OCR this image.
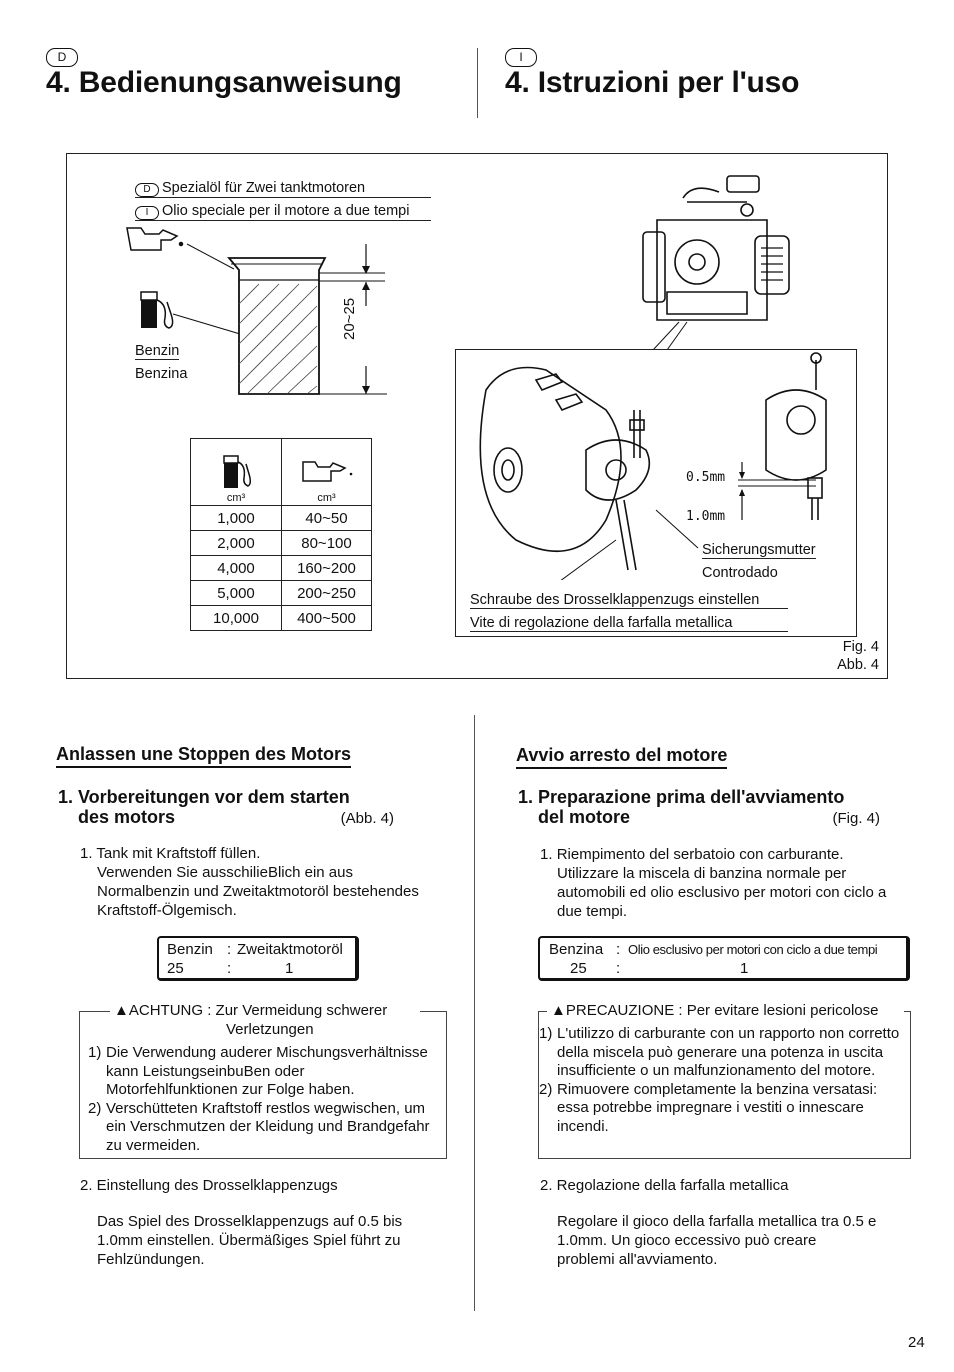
D
4. Bedienungsanweisung
I
4. Istruzioni per l'uso
D Spezialöl für Zwei tanktmotoren
I Olio speciale per il motore a due tempi
20~25
Benzin
Benzina
cm³	cm³

1,000	40~50
2,000	80~100
4,000	160~200
5,000	200~250
10,000	400~500
0.5mm
1.0mm
Sicherungsmutter
Controdado
Schraube des Drosselklappenzugs einstellen
Vite di regolazione della farfalla metallica
Fig. 4
Abb. 4
Anlassen une Stoppen des Motors
1. Vorbereitungen vor dem starten
des motors	(Abb. 4)
1. Tank mit Kraftstoff füllen.
Verwenden Sie ausschilieBlich ein aus Normalbenzin und Zweitaktmotoröl bestehendes Kraftstoff-Ölgemisch.
Benzin : Zweitaktmotoröl
25	:	1
▲ACHTUNG : Zur Vermeidung schwerer
Verletzungen
1) Die Verwendung auderer Mischungsverhältnisse kann LeistungseinbuBen oder Motorfehlfunktionen zur Folge haben.
2) Verschütteten Kraftstoff restlos wegwischen, um ein Verschmutzen der Kleidung und Brandgefahr zu vermeiden.
2. Einstellung des Drosselklappenzugs
Das Spiel des Drosselklappenzugs auf 0.5 bis 1.0mm einstellen. Übermäßiges Spiel führt zu Fehlzündungen.
Avvio arresto del motore
1. Preparazione prima dell'avviamento
del motore	(Fig. 4)
1. Riempimento del serbatoio con carburante.
Utilizzare la miscela di banzina normale per automobili ed olio esclusivo per motori con ciclo a due tempi.
Benzina : Olio esclusivo per motori con ciclo a due tempi
25 :	1
▲PRECAUZIONE : Per evitare lesioni pericolose
1) L'utilizzo di carburante con un rapporto non corretto della miscela può generare una potenza in uscita insufficiente o un malfunzionamento del motore.
2) Rimuovere completamente la benzina versatasi: essa potrebbe impregnare i vestiti o innescare incendi.
2. Regolazione della farfalla metallica
Regolare il gioco della farfalla metallica tra 0.5 e 1.0mm. Un gioco eccessivo può creare problemi all'avviamento.
24
